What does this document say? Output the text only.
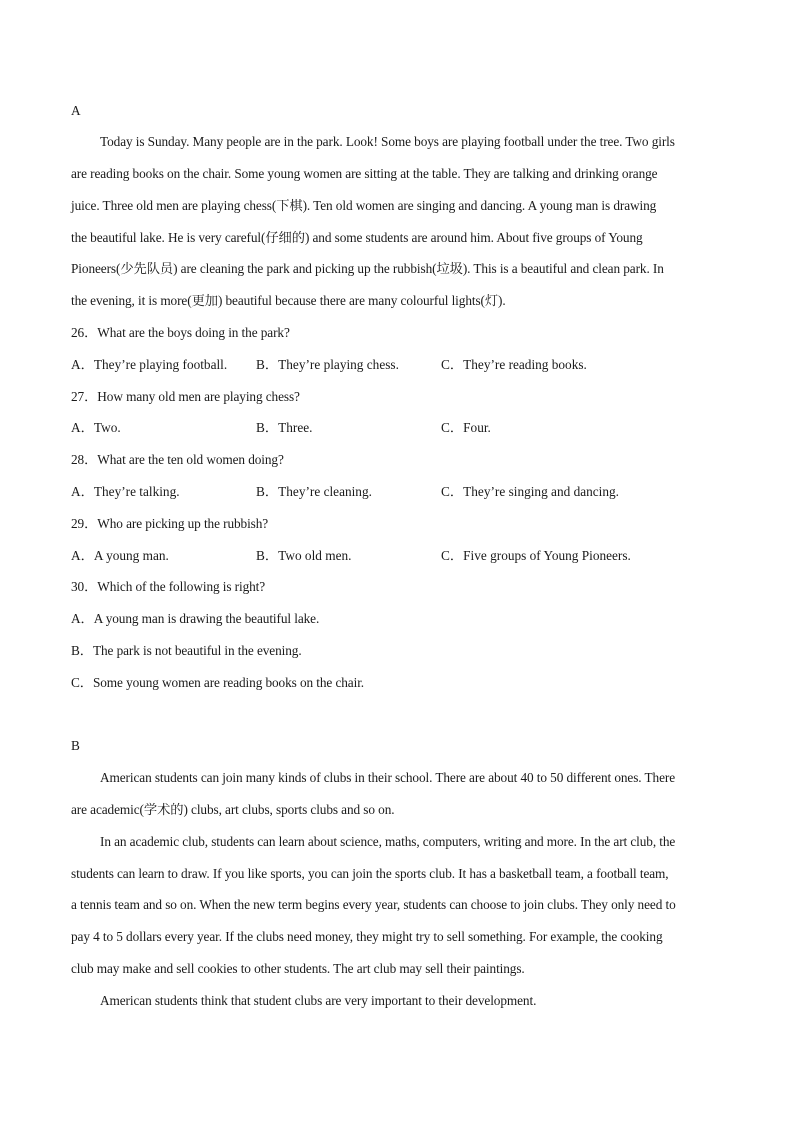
A
Today is Sunday. Many people are in the park. Look! Some boys are playing football under the tree. Two girls
are reading books on the chair. Some young women are sitting at the table. They are talking and drinking orange
juice. Three old men are playing chess(下棋). Ten old women are singing and dancing. A young man is drawing
the beautiful lake. He is very careful(仔细的) and some students are around him. About five groups of Young
Pioneers(少先队员) are cleaning the park and picking up the rubbish(垃圾). This is a beautiful and clean park. In
the evening, it is more(更加) beautiful because there are many colourful lights(灯).
26．What are the boys doing in the park?
A．They’re playing football. B．They’re playing chess.	C．They’re reading books.
27．How many old men are playing chess?
A．Two.	B．Three.	C．Four.
28．What are the ten old women doing?
A．They’re talking.	B．They’re cleaning.	C．They’re singing and dancing.
29．Who are picking up the rubbish?
A．A young man.	B．Two old men.	C．Five groups of Young Pioneers.
30．Which of the following is right?
A．A young man is drawing the beautiful lake.
B．The park is not beautiful in the evening.
C．Some young women are reading books on the chair.
B
American students can join many kinds of clubs in their school. There are about 40 to 50 different ones. There
are academic(学术的) clubs, art clubs, sports clubs and so on.
In an academic club, students can learn about science, maths, computers, writing and more. In the art club, the
students can learn to draw. If you like sports, you can join the sports club. It has a basketball team, a football team,
a tennis team and so on. When the new term begins every year, students can choose to join clubs. They only need to
pay 4 to 5 dollars every year. If the clubs need money, they might try to sell something. For example, the cooking
club may make and sell cookies to other students. The art club may sell their paintings.
American students think that student clubs are very important to their development.
